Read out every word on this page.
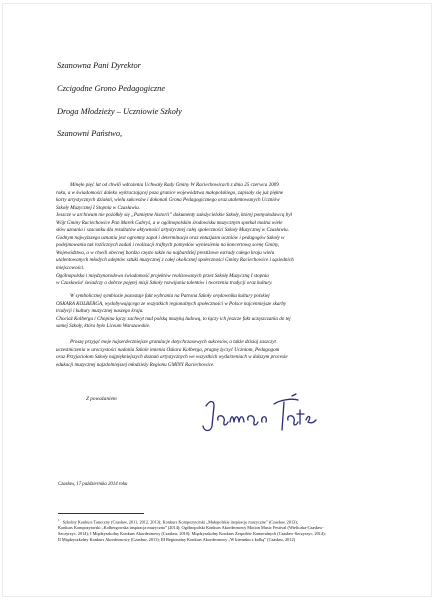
Szanowna Pani Dyrektor
Czcigodne Grono Pedagogiczne
Droga Młodzieży – Uczniowie Szkoły
Szanowni Państwo,

Minęło pięć lat od chwili wdrożenia Uchwały Rady Gminy W Raciechowicach z dnia 25 czerwca 2009

roku, a w świadomości daleko wykraczającej poza granice województwa małopolskiego, zapisały się już piękne

karty artystycznych działań, wielu sukcesów i dokonań Grona Pedagogicznego oraz utalentowanych Uczniów

Szkoły Muzycznej I Stopnia w Czasławiu.

Jeszcze w archiwum nie pożółkły się „Pamiętne historii” dokumenty założycielskie Szkoły, której pomysłodawcą był

Wójt Gminy Raciechowice Pan Marek Gabryś, a w ogólnopolskim środowisku muzycznym spotkał można wiele

słów uznania i szacunku dla rezultatów aktywności artystycznej całej społeczności Szkoły Muzycznej w Czasławiu.

Godnym najwyższego uznania jest ogromny zapał i determinacja oraz entuzjazm uczniów i pedagogów Szkoły w

podejmowaniu tak rozlicznych zadań i realizacji trafnych pomysłów wyniesienia na koncertową scenę Gminy,

Województwa, a w chwili obecnej bardzo często także na najbardziej prestiżowe estrady całego kraju wielu

utalentowanych młodych adeptów sztuki muzycznej z całej okolicznej społeczności Gminy Raciechowice i sąsiednich

miejscowości.

Ogólnopolska i międzynarodowa świadomość projektów realizowanych przez Szkołę Muzyczną I stopnia

w Czasławiu¹ świadczy o dobrze pojętej misji Szkoły rozwijania talentów i tworzenia tradycji oraz kultury.

W symbolicznej symbiozie pozostaje fakt wybrania na Patrona Szkoły orędownika kultury polskiej

OSKARA KOLBERGA, wydobywającego ze wszystkich regionalnych społeczności w Polsce najcenniejsze skarby

tradycji i kultury muzycznej naszego kraju.

Chociaż Kolberga i Chopina łączy zachwyt nad polską muzyką ludową, to łączy ich jeszcze fakt uczęszczania do tej

samej Szkoły, która było Liceum Warszawskie.

Proszę przyjąć moje najserdeczniejsze gratulacje dotychczasowych sukcesów, a także dzisiaj zaszczyt

uczestniczenia w uroczystości nadania Szkole imienia Oskara Kolberga, pragnę życzyć Uczniom, Pedagogom

oraz Przyjaciołom Szkoły najpiękniejszych doznań artystycznych we wszystkich wydarzeniach w dalszym procesie

edukacji muzycznej najzdolniejszej młodzieży Regionu GMINY Raciechowice.

Z poważaniem
Czasław, 17 października 2014 roku

$^1$ Szkolny Konkurs Taneczny (Czasław, 2011, 2012, 2013); Konkurs Kompozytorski „Małopolskie inspiracje muzyczne” (Czasław, 2013);

Konkurs Kompozytorski „Kolbergowska inspiracja muzyczna” (2014); Ogólnopolski Konkurs Akordeonowy Motion Music Festival (Wieliczka-Czasław-

Szczyrzyc, 2014); I Międzyszkolny Konkurs Akordeonowy (Czasław, 2010); Międzyszkolny Konkurs Zespołów Kameralnych (Czasław-Szczyrzyc, 2014);

II Międzyszkolny Konkurs Akordeonowy (Czasław, 2011); III Regionalny Konkurs Akordeonowy „W kierunku z kolbą” (Czasław, 2012)
